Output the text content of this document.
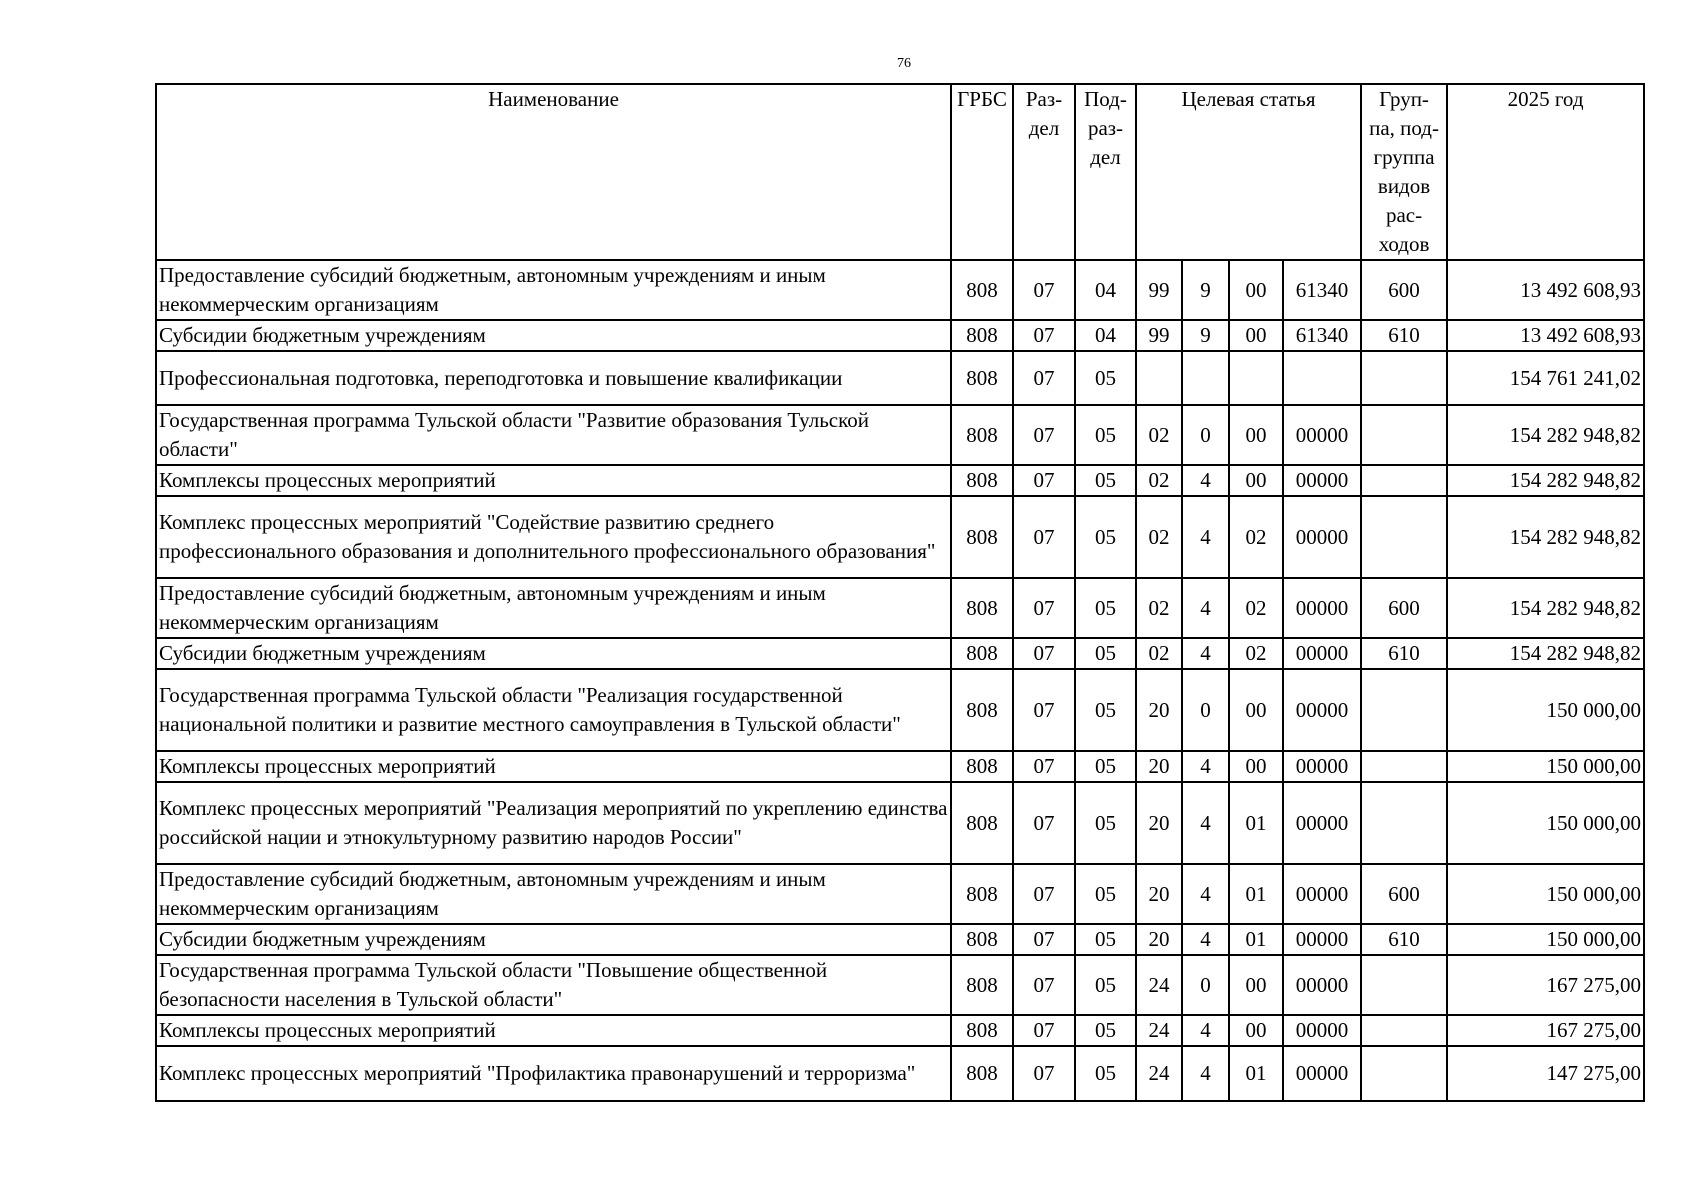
76
Наименование	ГРБС	Раз- дел	Под- раз- дел	Целевая статья				Груп- па, под- группа видов рас- ходов	2025 год
Предоставление субсидий бюджетным, автономным учреждениям и иным некоммерческим организациям	808	07	04	99	9	00	61340	600	13 492 608,93
Субсидии бюджетным учреждениям	808	07	04	99	9	00	61340	610	13 492 608,93
Профессиональная подготовка, переподготовка и повышение квалификации	808	07	05						154 761 241,02
Государственная программа Тульской области "Развитие образования Тульской области"	808	07	05	02	0	00	00000		154 282 948,82
Комплексы процессных мероприятий	808	07	05	02	4	00	00000		154 282 948,82
Комплекс процессных мероприятий "Содействие развитию среднего профессионального образования и дополнительного профессионального образования"	808	07	05	02	4	02	00000		154 282 948,82
Предоставление субсидий бюджетным, автономным учреждениям и иным некоммерческим организациям	808	07	05	02	4	02	00000	600	154 282 948,82
Субсидии бюджетным учреждениям	808	07	05	02	4	02	00000	610	154 282 948,82
Государственная программа Тульской области "Реализация государственной национальной политики и развитие местного самоуправления в Тульской области"	808	07	05	20	0	00	00000		150 000,00
Комплексы процессных мероприятий	808	07	05	20	4	00	00000		150 000,00
Комплекс процессных мероприятий "Реализация мероприятий по укреплению единства российской нации и этнокультурному развитию народов России"	808	07	05	20	4	01	00000		150 000,00
Предоставление субсидий бюджетным, автономным учреждениям и иным некоммерческим организациям	808	07	05	20	4	01	00000	600	150 000,00
Субсидии бюджетным учреждениям	808	07	05	20	4	01	00000	610	150 000,00
Государственная программа Тульской области "Повышение общественной безопасности населения в Тульской области"	808	07	05	24	0	00	00000		167 275,00
Комплексы процессных мероприятий	808	07	05	24	4	00	00000		167 275,00
Комплекс процессных мероприятий "Профилактика правонарушений и терроризма"	808	07	05	24	4	01	00000		147 275,00
